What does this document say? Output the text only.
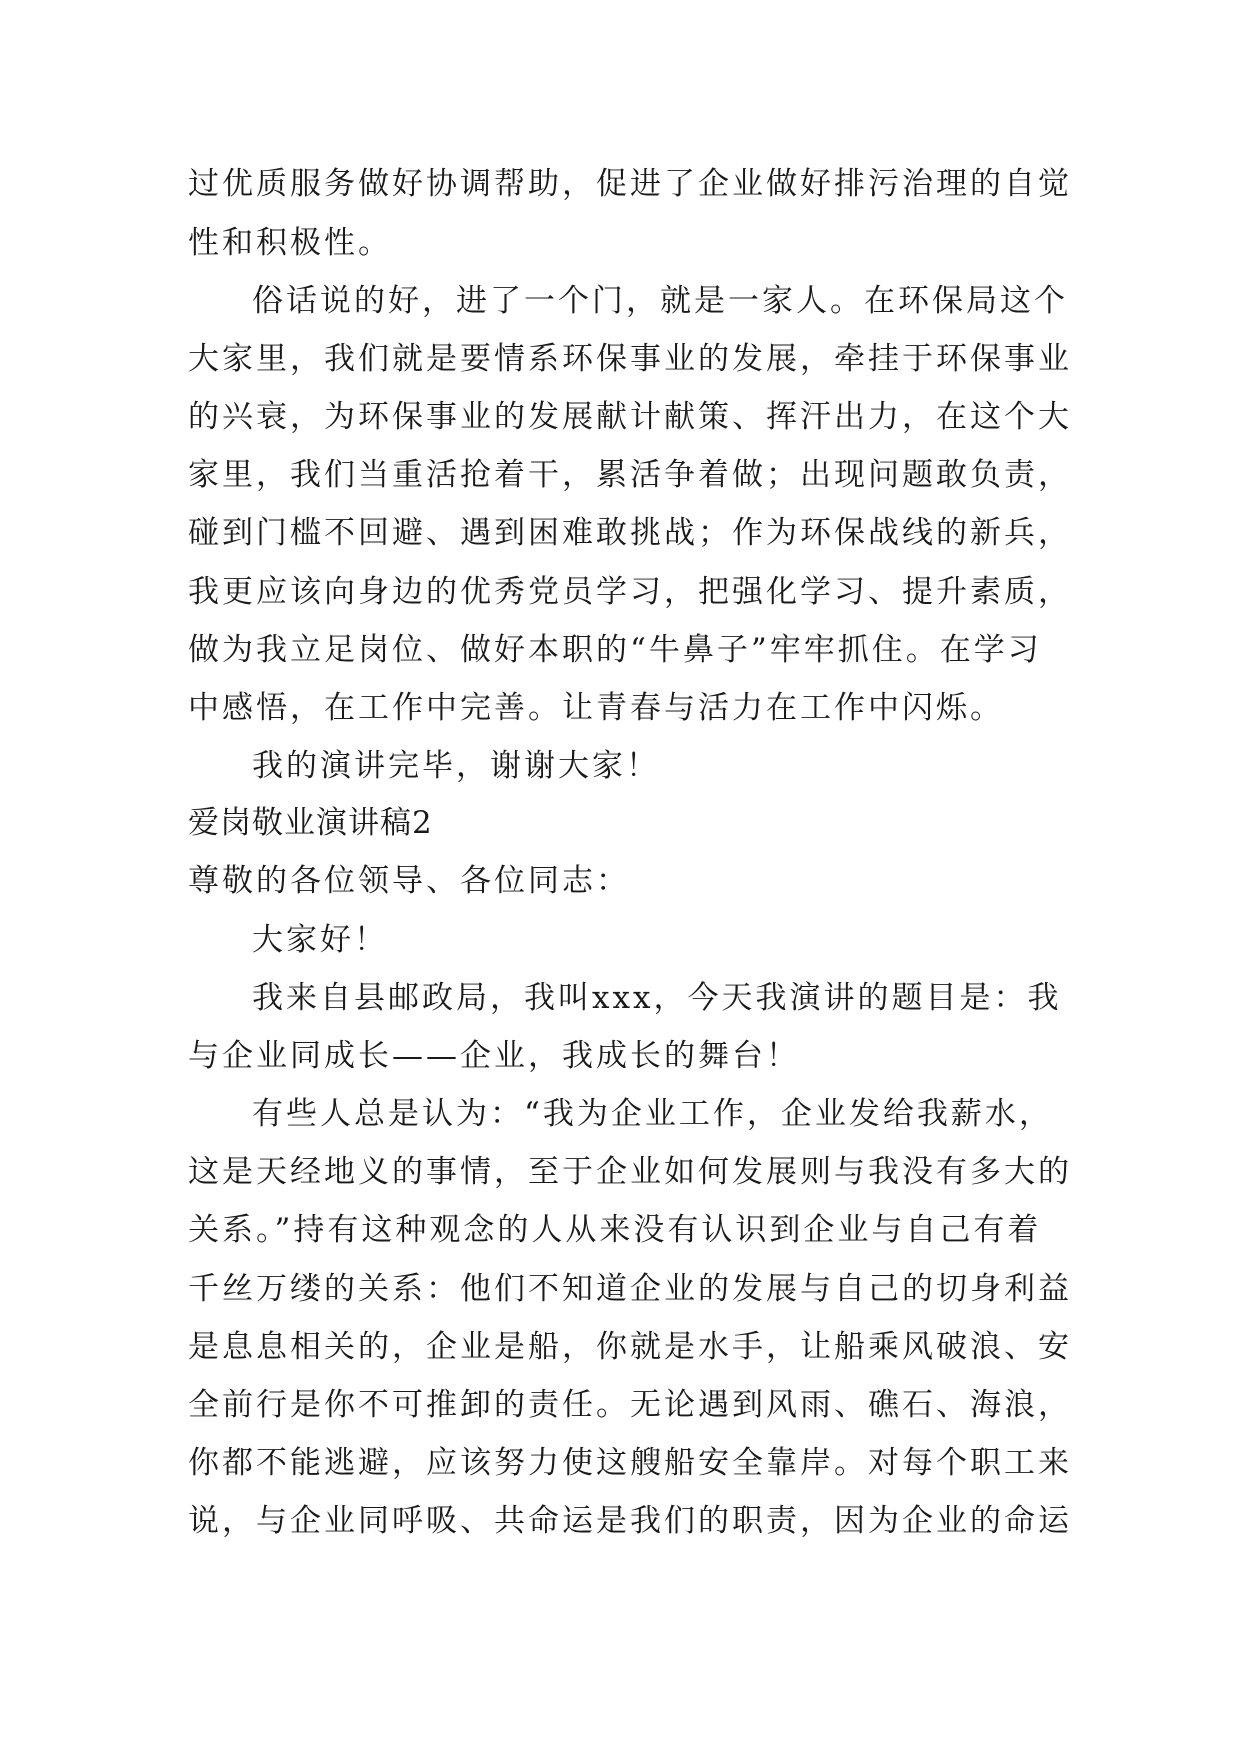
过优质服务做好协调帮助，促进了企业做好排污治理的自觉
性和积极性。
俗话说的好，进了一个门，就是一家人。在环保局这个
大家里，我们就是要情系环保事业的发展，牵挂于环保事业
的兴衰，为环保事业的发展献计献策、挥汗出力，在这个大
家里，我们当重活抢着干，累活争着做；出现问题敢负责，
碰到门槛不回避、遇到困难敢挑战；作为环保战线的新兵，
我更应该向身边的优秀党员学习，把强化学习、提升素质，
做为我立足岗位、做好本职的“牛鼻子”牢牢抓住。在学习
中感悟，在工作中完善。让青春与活力在工作中闪烁。
我的演讲完毕，谢谢大家！
爱岗敬业演讲稿2
尊敬的各位领导、各位同志：
大家好！
我来自县邮政局，我叫xxx，今天我演讲的题目是：我
与企业同成长——企业，我成长的舞台！
有些人总是认为：“我为企业工作，企业发给我薪水，
这是天经地义的事情，至于企业如何发展则与我没有多大的
关系。”持有这种观念的人从来没有认识到企业与自己有着
千丝万缕的关系：他们不知道企业的发展与自己的切身利益
是息息相关的，企业是船，你就是水手，让船乘风破浪、安
全前行是你不可推卸的责任。无论遇到风雨、礁石、海浪，
你都不能逃避，应该努力使这艘船安全靠岸。对每个职工来
说，与企业同呼吸、共命运是我们的职责，因为企业的命运
